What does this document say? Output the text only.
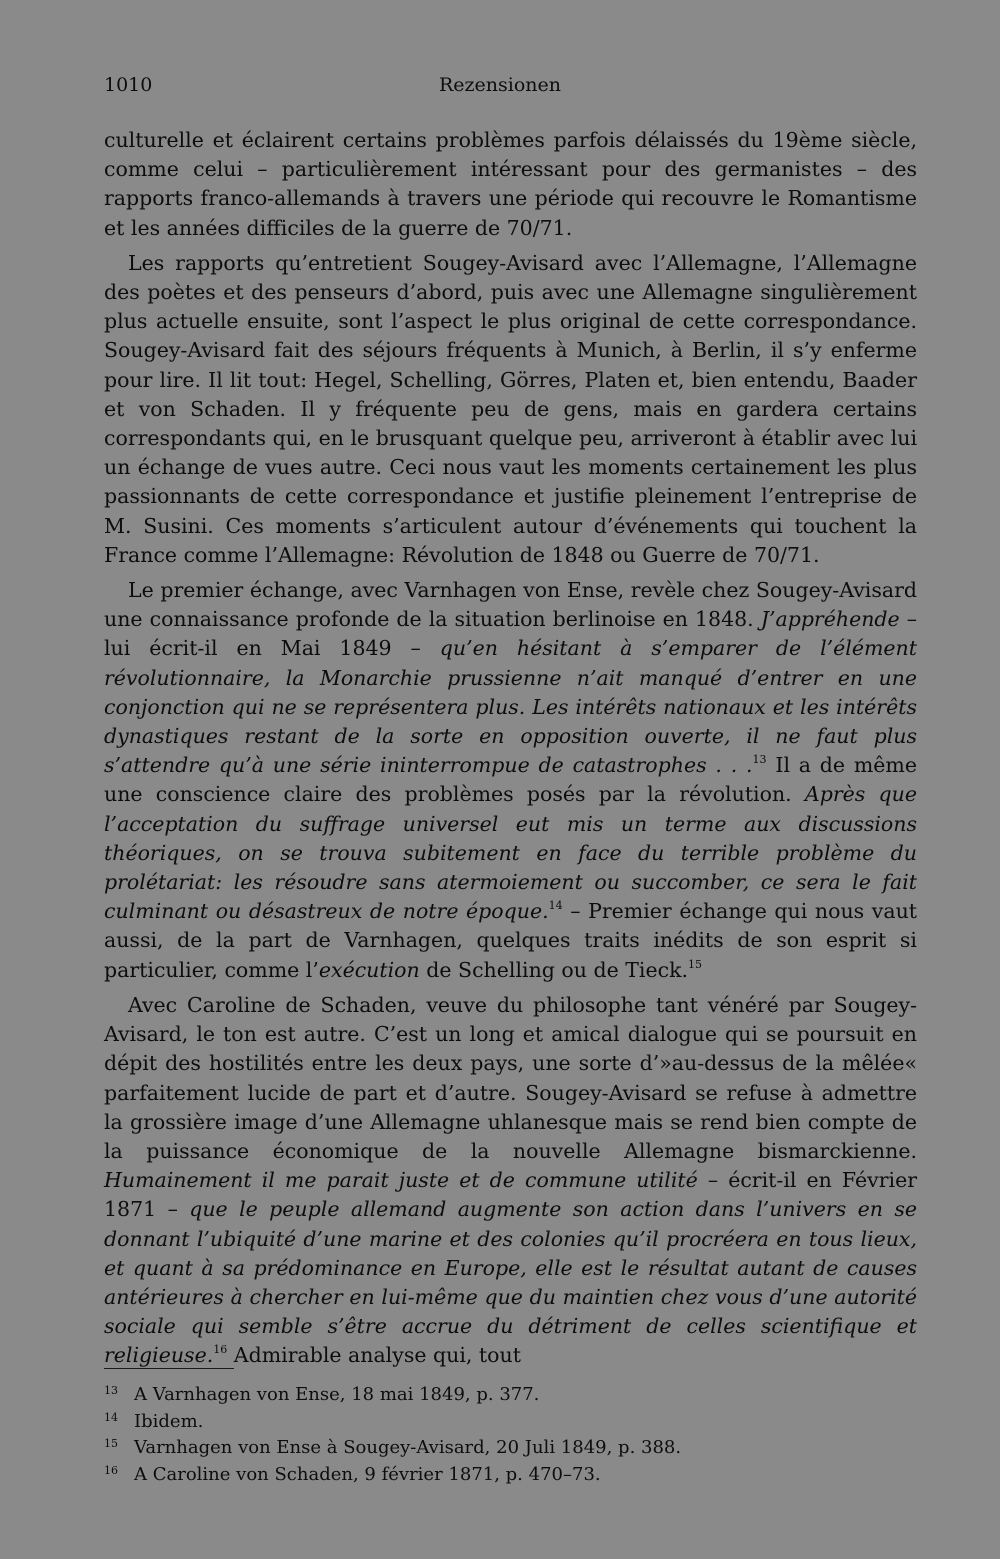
1010	Rezensionen

culturelle et éclairent certains problèmes parfois délaissés du 19ème siècle, comme celui – particulièrement intéressant pour des germanistes – des rapports franco-allemands à travers une période qui recouvre le Romantisme et les années difficiles de la guerre de 70/71.

Les rapports qu’entretient Sougey-Avisard avec l’Allemagne, l’Allemagne des poètes et des penseurs d’abord, puis avec une Allemagne singulièrement plus actuelle ensuite, sont l’aspect le plus original de cette correspondance. Sougey-Avisard fait des séjours fréquents à Munich, à Berlin, il s’y enferme pour lire. Il lit tout: Hegel, Schelling, Görres, Platen et, bien entendu, Baader et von Schaden. Il y fréquente peu de gens, mais en gardera certains correspondants qui, en le brusquant quelque peu, arriveront à établir avec lui un échange de vues autre. Ceci nous vaut les moments certainement les plus passionnants de cette correspondance et justifie pleinement l’entreprise de M. Susini. Ces moments s’articulent autour d’événements qui touchent la France comme l’Allemagne: Révolution de 1848 ou Guerre de 70/71.

Le premier échange, avec Varnhagen von Ense, revèle chez Sougey-Avisard une connaissance profonde de la situation berlinoise en 1848. J’appréhende – lui écrit-il en Mai 1849 – qu’en hésitant à s’emparer de l’élément révolutionnaire, la Monarchie prussienne n’ait manqué d’entrer en une conjonction qui ne se représentera plus. Les intérêts nationaux et les intérêts dynastiques restant de la sorte en opposition ouverte, il ne faut plus s’attendre qu’à une série ininterrompue de catastrophes . . .$^{13}$ Il a de même une conscience claire des problèmes posés par la révolution. Après que l’acceptation du suffrage universel eut mis un terme aux discussions théoriques, on se trouva subitement en face du terrible problème du prolétariat: les résoudre sans atermoiement ou succomber, ce sera le fait culminant ou désastreux de notre époque.$^{14}$ – Premier échange qui nous vaut aussi, de la part de Varnhagen, quelques traits inédits de son esprit si particulier, comme l’exécution de Schelling ou de Tieck.$^{15}$

Avec Caroline de Schaden, veuve du philosophe tant vénéré par Sougey-Avisard, le ton est autre. C’est un long et amical dialogue qui se poursuit en dépit des hostilités entre les deux pays, une sorte d’»au-dessus de la mêlée« parfaitement lucide de part et d’autre. Sougey-Avisard se refuse à admettre la grossière image d’une Allemagne uhlanesque mais se rend bien compte de la puissance économique de la nouvelle Allemagne bismarckienne. Humainement il me parait juste et de commune utilité – écrit-il en Février 1871 – que le peuple allemand augmente son action dans l’univers en se donnant l’ubiquité d’une marine et des colonies qu’il procréera en tous lieux, et quant à sa prédominance en Europe, elle est le résultat autant de causes antérieures à chercher en lui-même que du maintien chez vous d’une autorité sociale qui semble s’être accrue du détriment de celles scientifique et religieuse.$^{16}$ Admirable analyse qui, tout

13 A Varnhagen von Ense, 18 mai 1849, p. 377.
14 Ibidem.
15 Varnhagen von Ense à Sougey-Avisard, 20 Juli 1849, p. 388.
16 A Caroline von Schaden, 9 février 1871, p. 470–73.
